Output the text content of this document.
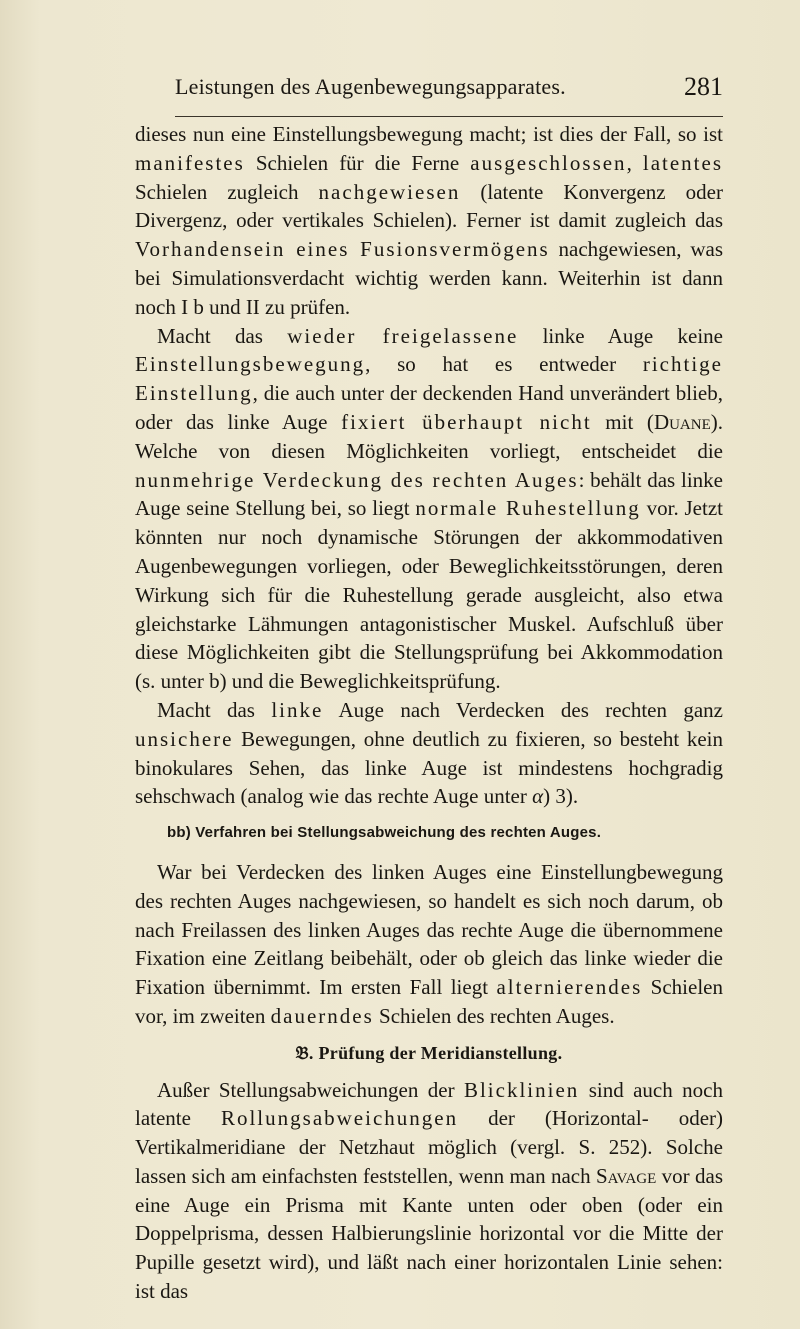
Leistungen des Augenbewegungsapparates.	281

dieses nun eine Einstellungsbewegung macht; ist dies der Fall, so ist manifestes Schielen für die Ferne ausgeschlossen, latentes Schielen zugleich nachgewiesen (latente Konvergenz oder Divergenz, oder vertikales Schielen). Ferner ist damit zugleich das Vorhandensein eines Fusionsvermögens nachgewiesen, was bei Simulationsverdacht wichtig werden kann. Weiterhin ist dann noch I b und II zu prüfen.

Macht das wieder freigelassene linke Auge keine Einstellungsbewegung, so hat es entweder richtige Einstellung, die auch unter der deckenden Hand unverändert blieb, oder das linke Auge fixiert überhaupt nicht mit (Duane). Welche von diesen Möglichkeiten vorliegt, entscheidet die nunmehrige Verdeckung des rechten Auges: behält das linke Auge seine Stellung bei, so liegt normale Ruhestellung vor. Jetzt könnten nur noch dynamische Störungen der akkommodativen Augenbewegungen vorliegen, oder Beweglichkeitsstörungen, deren Wirkung sich für die Ruhestellung gerade ausgleicht, also etwa gleichstarke Lähmungen antagonistischer Muskel. Aufschluß über diese Möglichkeiten gibt die Stellungsprüfung bei Akkommodation (s. unter b) und die Beweglichkeitsprüfung.

Macht das linke Auge nach Verdecken des rechten ganz unsichere Bewegungen, ohne deutlich zu fixieren, so besteht kein binokulares Sehen, das linke Auge ist mindestens hochgradig sehschwach (analog wie das rechte Auge unter α) 3).

bb) Verfahren bei Stellungsabweichung des rechten Auges.

War bei Verdecken des linken Auges eine Einstellungbewegung des rechten Auges nachgewiesen, so handelt es sich noch darum, ob nach Freilassen des linken Auges das rechte Auge die übernommene Fixation eine Zeitlang beibehält, oder ob gleich das linke wieder die Fixation übernimmt. Im ersten Fall liegt alternierendes Schielen vor, im zweiten dauerndes Schielen des rechten Auges.

𝔅. Prüfung der Meridianstellung.

Außer Stellungsabweichungen der Blicklinien sind auch noch latente Rollungsabweichungen der (Horizontal- oder) Vertikalmeridiane der Netzhaut möglich (vergl. S. 252). Solche lassen sich am einfachsten feststellen, wenn man nach Savage vor das eine Auge ein Prisma mit Kante unten oder oben (oder ein Doppelprisma, dessen Halbierungslinie horizontal vor die Mitte der Pupille gesetzt wird), und läßt nach einer horizontalen Linie sehen: ist das
